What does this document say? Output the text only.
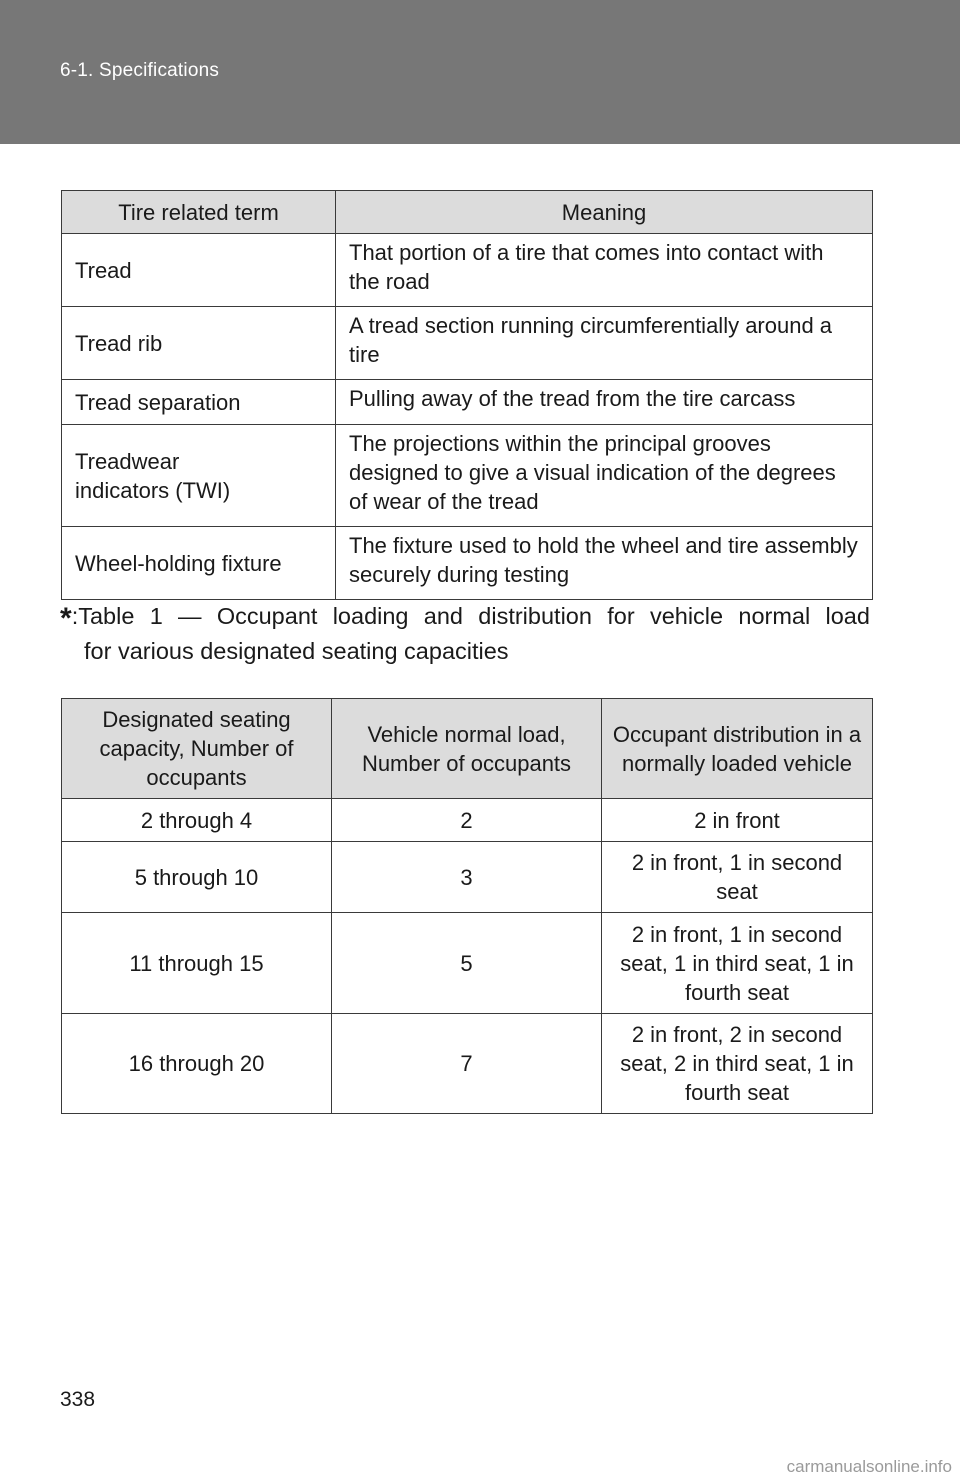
6-1. Specifications
Tire related term	Meaning
Tread	That portion of a tire that comes into contact with the road
Tread rib	A tread section running circumferentially around a tire
Tread separation	Pulling away of the tread from the tire carcass
Treadwear indicators (TWI)	The projections within the principal grooves designed to give a visual indication of the degrees of wear of the tread
Wheel-holding fixture	The fixture used to hold the wheel and tire assembly securely during testing
*:Table 1 — Occupant loading and distribution for vehicle normal load
for various designated seating capacities
Designated seating capacity, Number of occupants	Vehicle normal load, Number of occupants	Occupant distribution in a normally loaded vehicle
2 through 4	2	2 in front
5 through 10	3	2 in front, 1 in second seat
11 through 15	5	2 in front, 1 in second seat, 1 in third seat, 1 in fourth seat
16 through 20	7	2 in front, 2 in second seat, 2 in third seat, 1 in fourth seat
338
carmanualsonline.info
